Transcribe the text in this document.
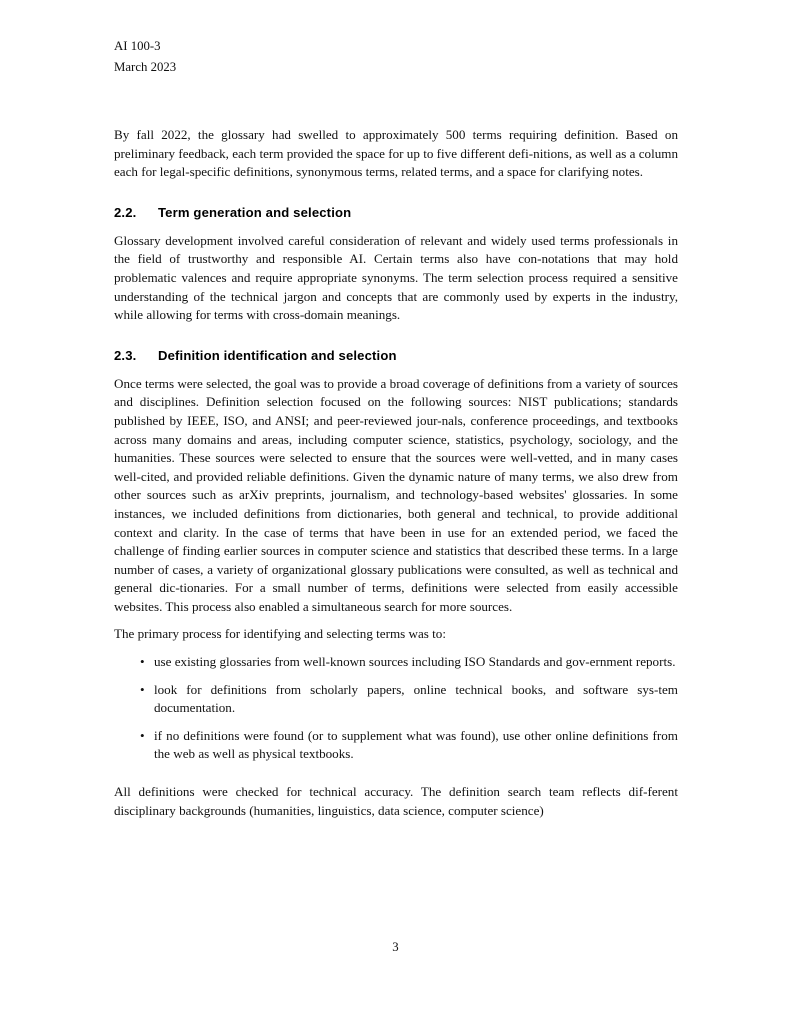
AI 100-3
March 2023

By fall 2022, the glossary had swelled to approximately 500 terms requiring definition. Based on preliminary feedback, each term provided the space for up to five different defi-nitions, as well as a column each for legal-specific definitions, synonymous terms, related terms, and a space for clarifying notes.

2.2. Term generation and selection

Glossary development involved careful consideration of relevant and widely used terms professionals in the field of trustworthy and responsible AI. Certain terms also have con-notations that may hold problematic valences and require appropriate synonyms. The term selection process required a sensitive understanding of the technical jargon and concepts that are commonly used by experts in the industry, while allowing for terms with cross-domain meanings.

2.3. Definition identification and selection

Once terms were selected, the goal was to provide a broad coverage of definitions from a variety of sources and disciplines. Definition selection focused on the following sources: NIST publications; standards published by IEEE, ISO, and ANSI; and peer-reviewed jour-nals, conference proceedings, and textbooks across many domains and areas, including computer science, statistics, psychology, sociology, and the humanities. These sources were selected to ensure that the sources were well-vetted, and in many cases well-cited, and provided reliable definitions. Given the dynamic nature of many terms, we also drew from other sources such as arXiv preprints, journalism, and technology-based websites' glossaries. In some instances, we included definitions from dictionaries, both general and technical, to provide additional context and clarity. In the case of terms that have been in use for an extended period, we faced the challenge of finding earlier sources in computer science and statistics that described these terms. In a large number of cases, a variety of organizational glossary publications were consulted, as well as technical and general dic-tionaries. For a small number of terms, definitions were selected from easily accessible websites. This process also enabled a simultaneous search for more sources.

The primary process for identifying and selecting terms was to:

• use existing glossaries from well-known sources including ISO Standards and gov-ernment reports.
• look for definitions from scholarly papers, online technical books, and software sys-tem documentation.
• if no definitions were found (or to supplement what was found), use other online definitions from the web as well as physical textbooks.

All definitions were checked for technical accuracy. The definition search team reflects dif-ferent disciplinary backgrounds (humanities, linguistics, data science, computer science)

3
